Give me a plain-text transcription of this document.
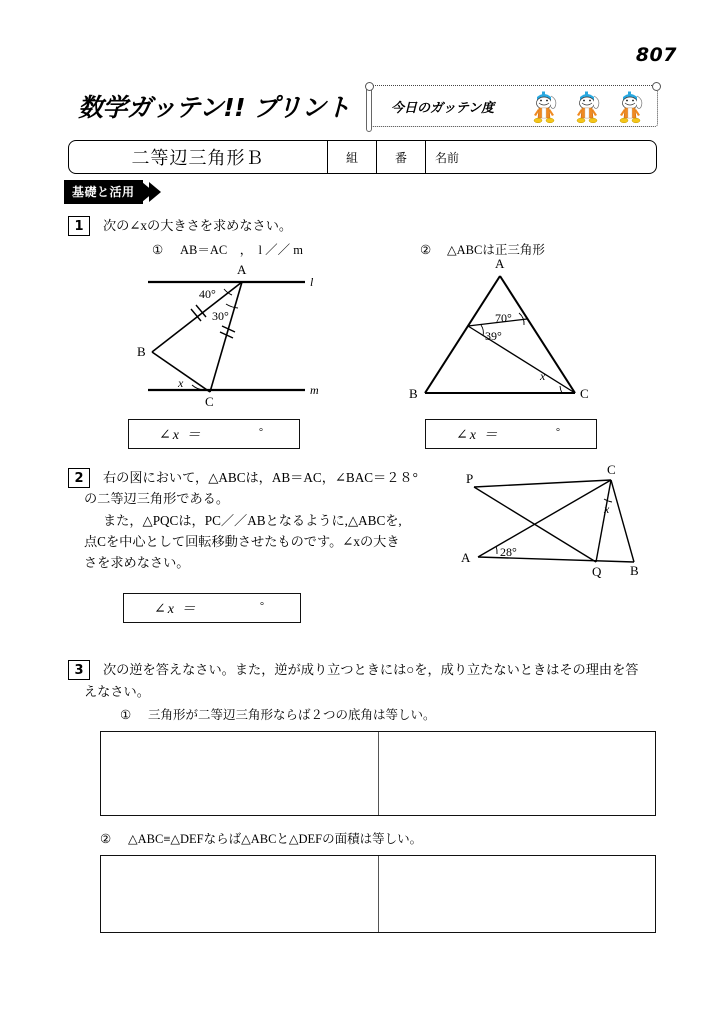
807
数学ガッテン!! プリント	今日のガッテン度
二等辺三角形Ｂ	組	番	名前
基礎と活用
1	次の∠xの大きさを求めなさい。
① AB＝AC　，　l ／／ m	② △ABCは正三角形
A
B
C
l
m
40°
30°
x
A
B	C
70°
39°
x
∠x ＝	°	∠x ＝	°
2	右の図において，△ABCは，AB＝AC，∠BAC＝２８°
の二等辺三角形である。
また，△PQCは，PC／／ABとなるように,△ABCを,
点Cを中心として回転移動させたものです。∠xの大き
さを求めなさい。
P
C
A
Q B
28°
x
∠x ＝	°
3	次の逆を答えなさい。また，逆が成り立つときには○を，成り立たないときはその理由を答
えなさい。
① 三角形が二等辺三角形ならば２つの底角は等しい。
② △ABC≡△DEFならば△ABCと△DEFの面積は等しい。
